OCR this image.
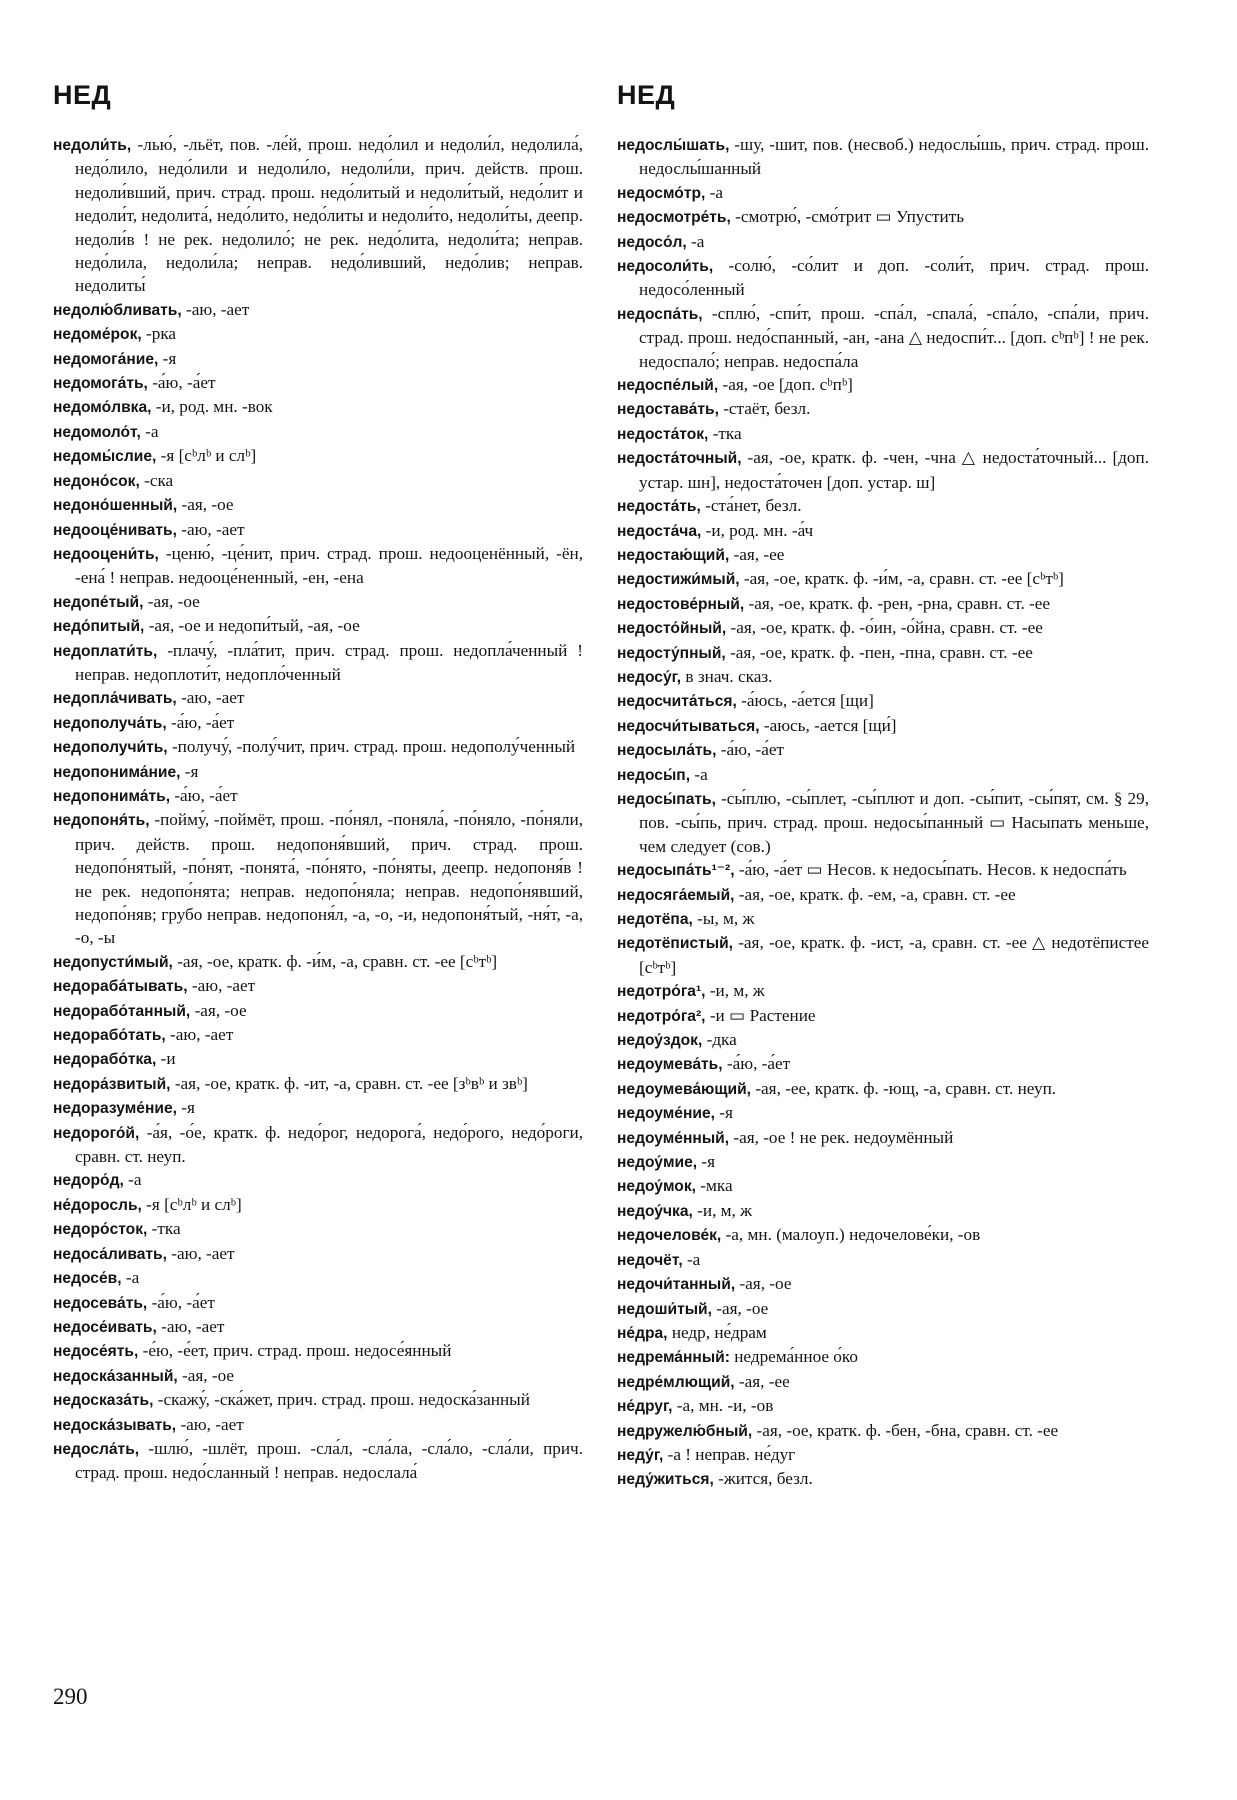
НЕД	НЕД
недоли́ть, -лью́, -льёт, пов. -ле́й, прош. недо́лил и недоли́л, недолила́, недо́лило, недо́лили и недоли́ло, недоли́ли, прич. действ. прош. недоли́вший, прич. страд. прош. недо́литый и недоли́тый, недо́лит и недоли́т, недолита́, недо́лито, недо́литы и недоли́то, недоли́ты, деепр. недоли́в ! не рек. недолило́; не рек. недо́лита, недоли́та; неправ. недо́лила, недоли́ла; неправ. недо́ливший, недо́лив; неправ. недолиты́
недолю́бливать, -аю, -ает
недоме́рок, -рка
недомога́ние, -я
недомога́ть, -а́ю, -а́ет
недомо́лвка, -и, род. мн. -вок
недомоло́т, -а
недомы́слие, -я [сᵇлᵇ и слᵇ]
недоно́сок, -ска
недоно́шенный, -ая, -ое
недооце́нивать, -аю, -ает
недооцени́ть, -ценю́, -це́нит, прич. страд. прош. недооценённый, -ён, -ена́ ! неправ. недооце́ненный, -ен, -ена
недопе́тый, -ая, -ое
недо́питый, -ая, -ое и недопи́тый, -ая, -ое
недоплати́ть, -плачу́, -пла́тит, прич. страд. прош. недопла́ченный ! неправ. недоплоти́т, недопло́ченный
недопла́чивать, -аю, -ает
недополуча́ть, -а́ю, -а́ет
недополучи́ть, -получу́, -полу́чит, прич. страд. прош. недополу́ченный
недопонима́ние, -я
недопонима́ть, -а́ю, -а́ет
недопоня́ть, -пойму́, -поймёт, прош. -по́нял, -поняла́, -по́няло, -по́няли, прич. действ. прош. недопоня́вший, прич. страд. прош. недопо́нятый, -по́нят, -понята́, -по́нято, -по́няты, деепр. недопоня́в ! не рек. недопо́нята; неправ. недопо́няла; неправ. недопо́нявший, недопо́няв; грубо неправ. недопоня́л, -а, -о, -и, недопоня́тый, -ня́т, -а, -о, -ы
недопусти́мый, -ая, -ое, кратк. ф. -и́м, -а, сравн. ст. -ее [сᵇтᵇ]
недораба́тывать, -аю, -ает
недорабо́танный, -ая, -ое
недорабо́тать, -аю, -ает
недорабо́тка, -и
недора́звитый, -ая, -ое, кратк. ф. -ит, -а, сравн. ст. -ее [зᵇвᵇ и звᵇ]
недоразуме́ние, -я
недорого́й, -а́я, -о́е, кратк. ф. недо́рог, недорога́, недо́рого, недо́роги, сравн. ст. неуп.
недоро́д, -а
не́доросль, -я [сᵇлᵇ и слᵇ]
недоро́сток, -тка
недоса́ливать, -аю, -ает
недосе́в, -а
недосева́ть, -а́ю, -а́ет
недосе́ивать, -аю, -ает
недосе́ять, -е́ю, -е́ет, прич. страд. прош. недосе́янный
недоска́занный, -ая, -ое
недосказа́ть, -скажу́, -ска́жет, прич. страд. прош. недоска́занный
недоска́зывать, -аю, -ает
недосла́ть, -шлю́, -шлёт, прош. -сла́л, -сла́ла, -сла́ло, -сла́ли, прич. страд. прош. недо́сланный ! неправ. недослала́
недослы́шать, -шу, -шит, пов. (несвоб.) недослы́шь, прич. страд. прош. недослы́шанный
недосмо́тр, -а
недосмотре́ть, -смотрю́, -смо́трит ▭ Упустить
недосо́л, -а
недосоли́ть, -солю́, -со́лит и доп. -соли́т, прич. страд. прош. недосо́ленный
недоспа́ть, -сплю́, -спи́т, прош. -спа́л, -спала́, -спа́ло, -спа́ли, прич. страд. прош. недо́спанный, -ан, -ана △ недоспи́т... [доп. сᵇпᵇ] ! не рек. недоспало́; неправ. недоспа́ла
недоспе́лый, -ая, -ое [доп. сᵇпᵇ]
недостава́ть, -стаёт, безл.
недоста́ток, -тка
недоста́точный, -ая, -ое, кратк. ф. -чен, -чна △ недоста́точный... [доп. устар. шн], недоста́точен [доп. устар. ш]
недоста́ть, -ста́нет, безл.
недоста́ча, -и, род. мн. -а́ч
недостаю́щий, -ая, -ее
недостижи́мый, -ая, -ое, кратк. ф. -и́м, -а, сравн. ст. -ее [сᵇтᵇ]
недостове́рный, -ая, -ое, кратк. ф. -рен, -рна, сравн. ст. -ее
недосто́йный, -ая, -ое, кратк. ф. -о́ин, -о́йна, сравн. ст. -ее
недосту́пный, -ая, -ое, кратк. ф. -пен, -пна, сравн. ст. -ее
недосу́г, в знач. сказ.
недосчита́ться, -а́юсь, -а́ется [щи]
недосчи́тываться, -аюсь, -ается [щи́]
недосыла́ть, -а́ю, -а́ет
недосы́п, -а
недосы́пать, -сы́плю, -сы́плет, -сы́плют и доп. -сы́пит, -сы́пят, см. § 29, пов. -сы́пь, прич. страд. прош. недосы́панный ▭ Насыпать меньше, чем следует (сов.)
недосыпа́ть¹⁻², -а́ю, -а́ет ▭ Несов. к недосы́пать. Несов. к недоспа́ть
недосяга́емый, -ая, -ое, кратк. ф. -ем, -а, сравн. ст. -ее
недотёпа, -ы, м, ж
недотёпистый, -ая, -ое, кратк. ф. -ист, -а, сравн. ст. -ее △ недотёпистее [сᵇтᵇ]
недотро́га¹, -и, м, ж
недотро́га², -и ▭ Растение
недоу́здок, -дка
недоумева́ть, -а́ю, -а́ет
недоумева́ющий, -ая, -ее, кратк. ф. -ющ, -а, сравн. ст. неуп.
недоуме́ние, -я
недоуме́нный, -ая, -ое ! не рек. недоумённый
недоу́мие, -я
недоу́мок, -мка
недоу́чка, -и, м, ж
недочелове́к, -а, мн. (малоуп.) недочелове́ки, -ов
недочёт, -а
недочи́танный, -ая, -ое
недоши́тый, -ая, -ое
не́дра, недр, не́драм
недрема́нный: недрема́нное о́ко
недре́млющий, -ая, -ее
не́друг, -а, мн. -и, -ов
недружелю́бный, -ая, -ое, кратк. ф. -бен, -бна, сравн. ст. -ее
неду́г, -а ! неправ. не́дуг
неду́житься, -жится, безл.
290
